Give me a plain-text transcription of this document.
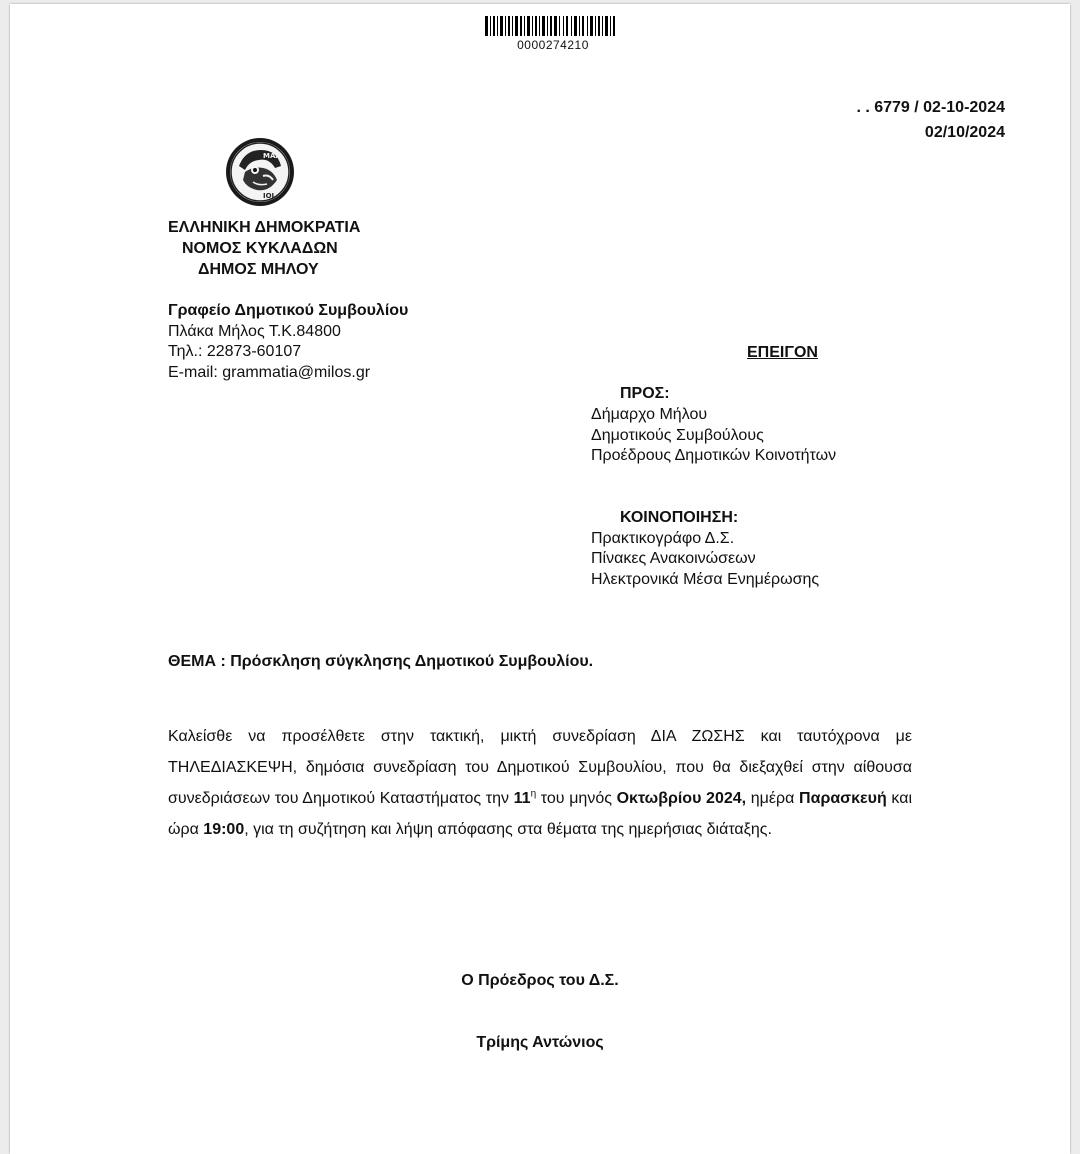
0000274210
. . 6779 / 02-10-2024
02/10/2024
ΜΑΛ
ΙΟΙ
ΕΛΛΗΝΙΚΗ ΔΗΜΟΚΡΑΤΙΑ
ΝΟΜΟΣ ΚΥΚΛΑΔΩΝ
ΔΗΜΟΣ ΜΗΛΟΥ
Γραφείο Δημοτικού Συμβουλίου
Πλάκα Μήλος Τ.Κ.84800
Τηλ.: 22873-60107
E-mail: grammatia@milos.gr
ΕΠΕΙΓΟΝ
ΠΡΟΣ:
Δήμαρχο Μήλου
Δημοτικούς Συμβούλους
Προέδρους Δημοτικών Κοινοτήτων
ΚΟΙΝΟΠΟΙΗΣΗ:
Πρακτικογράφο Δ.Σ.
Πίνακες Ανακοινώσεων
Ηλεκτρονικά Μέσα Ενημέρωσης
ΘΕΜΑ : Πρόσκληση σύγκλησης Δημοτικού Συμβουλίου.
Καλείσθε να προσέλθετε στην τακτική, μικτή συνεδρίαση ΔΙΑ ΖΩΣΗΣ και ταυτόχρονα με ΤΗΛΕΔΙΑΣΚΕΨΗ, δημόσια συνεδρίαση του Δημοτικού Συμβουλίου, που θα διεξαχθεί στην αίθουσα συνεδριάσεων του Δημοτικού Καταστήματος την $11^\eta$ του μηνός Οκτωβρίου 2024, ημέρα Παρασκευή και ώρα 19:00, για τη συζήτηση και λήψη απόφασης στα θέματα της ημερήσιας διάταξης.
Ο Πρόεδρος του Δ.Σ.
Τρίμης Αντώνιος
